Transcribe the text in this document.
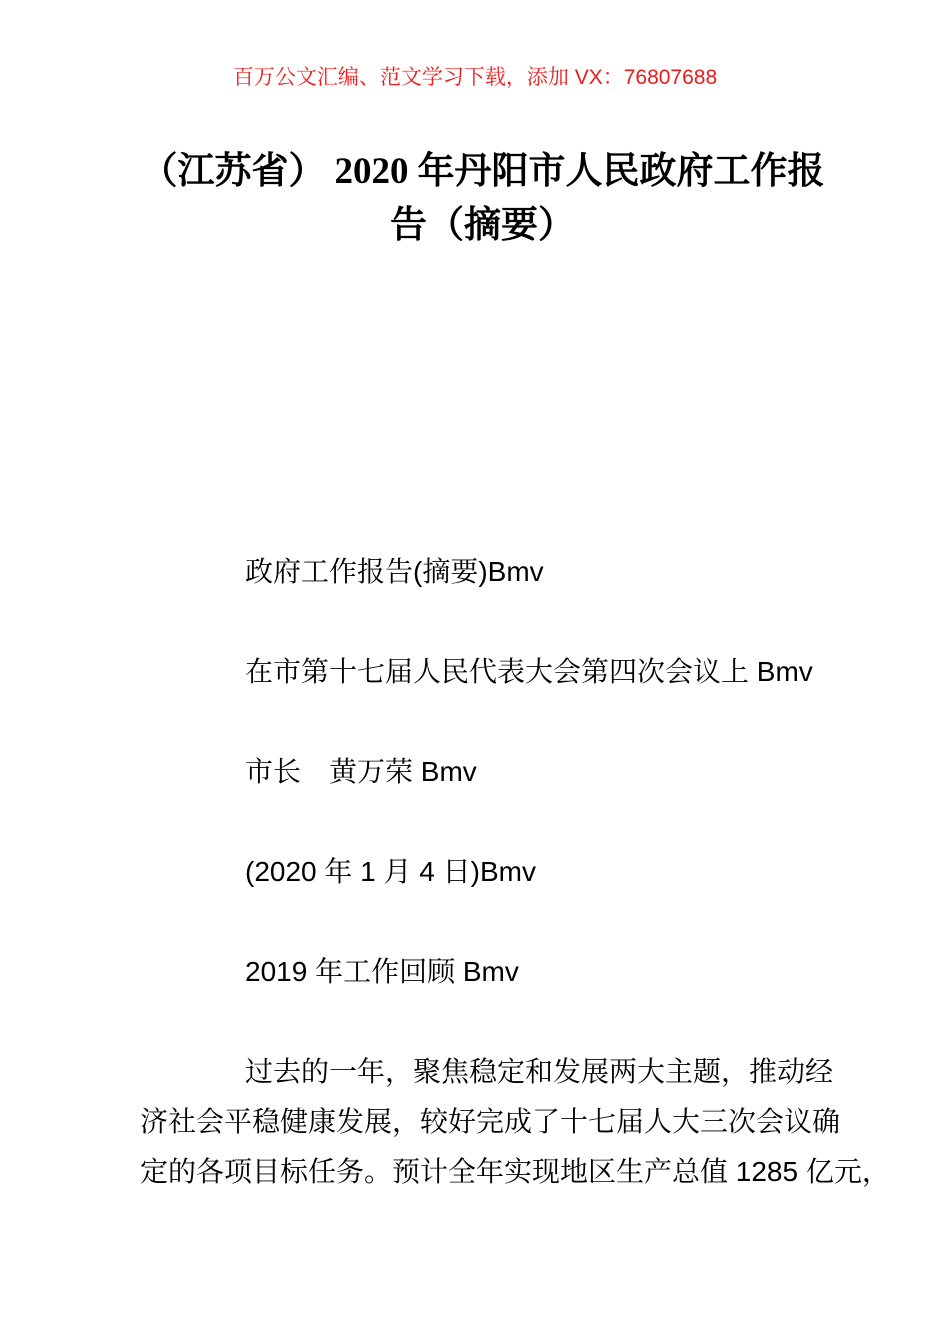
百万公文汇编、范文学习下载，添加 VX：76807688
（江苏省） 2020 年丹阳市人民政府工作报
告（摘要）

政府工作报告(摘要)Bmv

在市第十七届人民代表大会第四次会议上 Bmv

市长　黄万荣 Bmv

(2020 年 1 月 4 日)Bmv

2019 年工作回顾 Bmv

过去的一年，聚焦稳定和发展两大主题，推动经
济社会平稳健康发展，较好完成了十七届人大三次会议确
定的各项目标任务。预计全年实现地区生产总值 1285 亿元，
